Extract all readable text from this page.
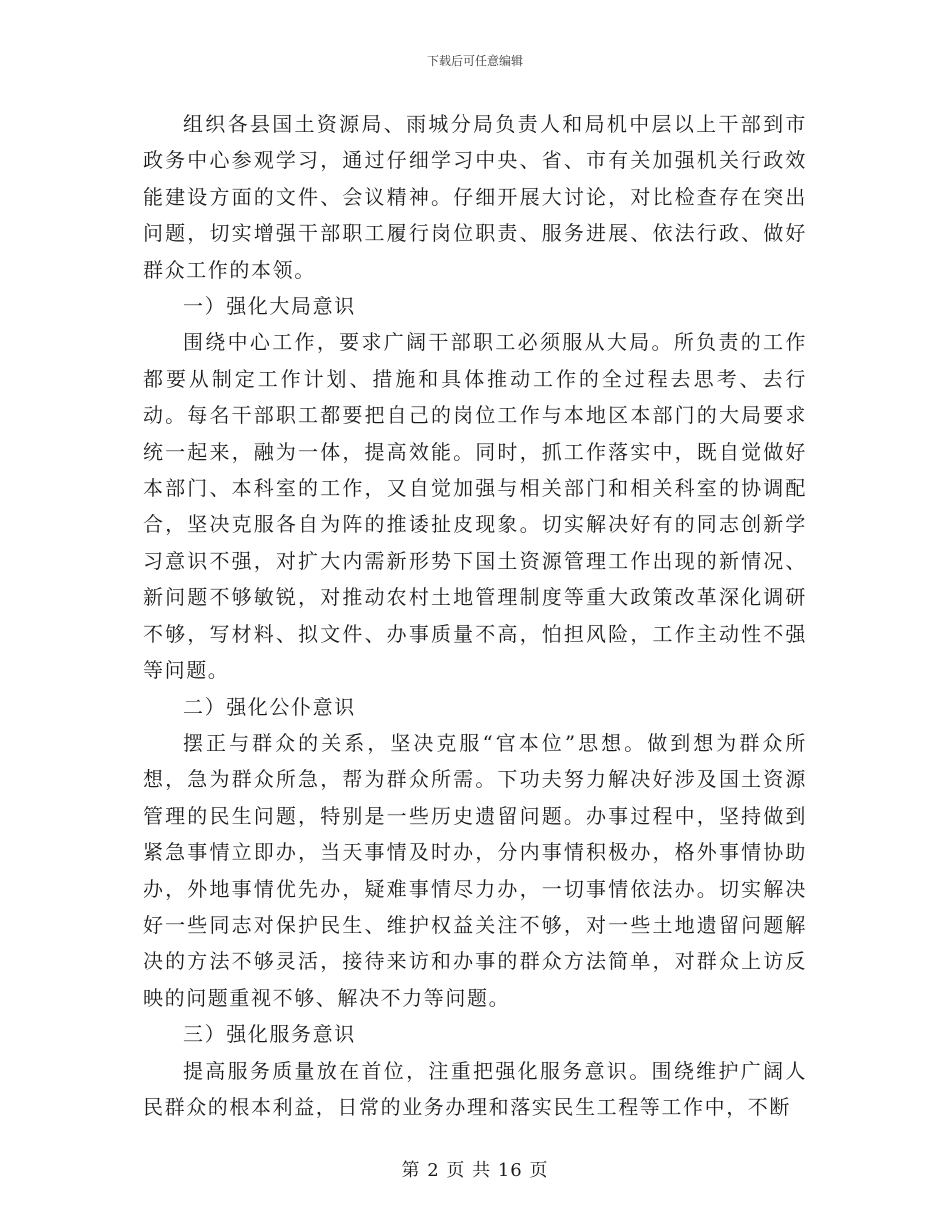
下载后可任意编辑

组织各县国土资源局、雨城分局负责人和局机中层以上干部到市政务中心参观学习，通过仔细学习中央、省、市有关加强机关行政效能建设方面的文件、会议精神。仔细开展大讨论，对比检查存在突出问题，切实增强干部职工履行岗位职责、服务进展、依法行政、做好群众工作的本领。

一）强化大局意识

围绕中心工作，要求广阔干部职工必须服从大局。所负责的工作都要从制定工作计划、措施和具体推动工作的全过程去思考、去行动。每名干部职工都要把自己的岗位工作与本地区本部门的大局要求统一起来，融为一体，提高效能。同时，抓工作落实中，既自觉做好本部门、本科室的工作，又自觉加强与相关部门和相关科室的协调配合，坚决克服各自为阵的推诿扯皮现象。切实解决好有的同志创新学习意识不强，对扩大内需新形势下国土资源管理工作出现的新情况、新问题不够敏锐，对推动农村土地管理制度等重大政策改革深化调研不够，写材料、拟文件、办事质量不高，怕担风险，工作主动性不强等问题。

二）强化公仆意识

摆正与群众的关系，坚决克服“官本位”思想。做到想为群众所想，急为群众所急，帮为群众所需。下功夫努力解决好涉及国土资源管理的民生问题，特别是一些历史遗留问题。办事过程中，坚持做到紧急事情立即办，当天事情及时办，分内事情积极办，格外事情协助办，外地事情优先办，疑难事情尽力办，一切事情依法办。切实解决好一些同志对保护民生、维护权益关注不够，对一些土地遗留问题解决的方法不够灵活，接待来访和办事的群众方法简单，对群众上访反映的问题重视不够、解决不力等问题。

三）强化服务意识

提高服务质量放在首位，注重把强化服务意识。围绕维护广阔人民群众的根本利益，日常的业务办理和落实民生工程等工作中，不断

第 2 页 共 16 页
